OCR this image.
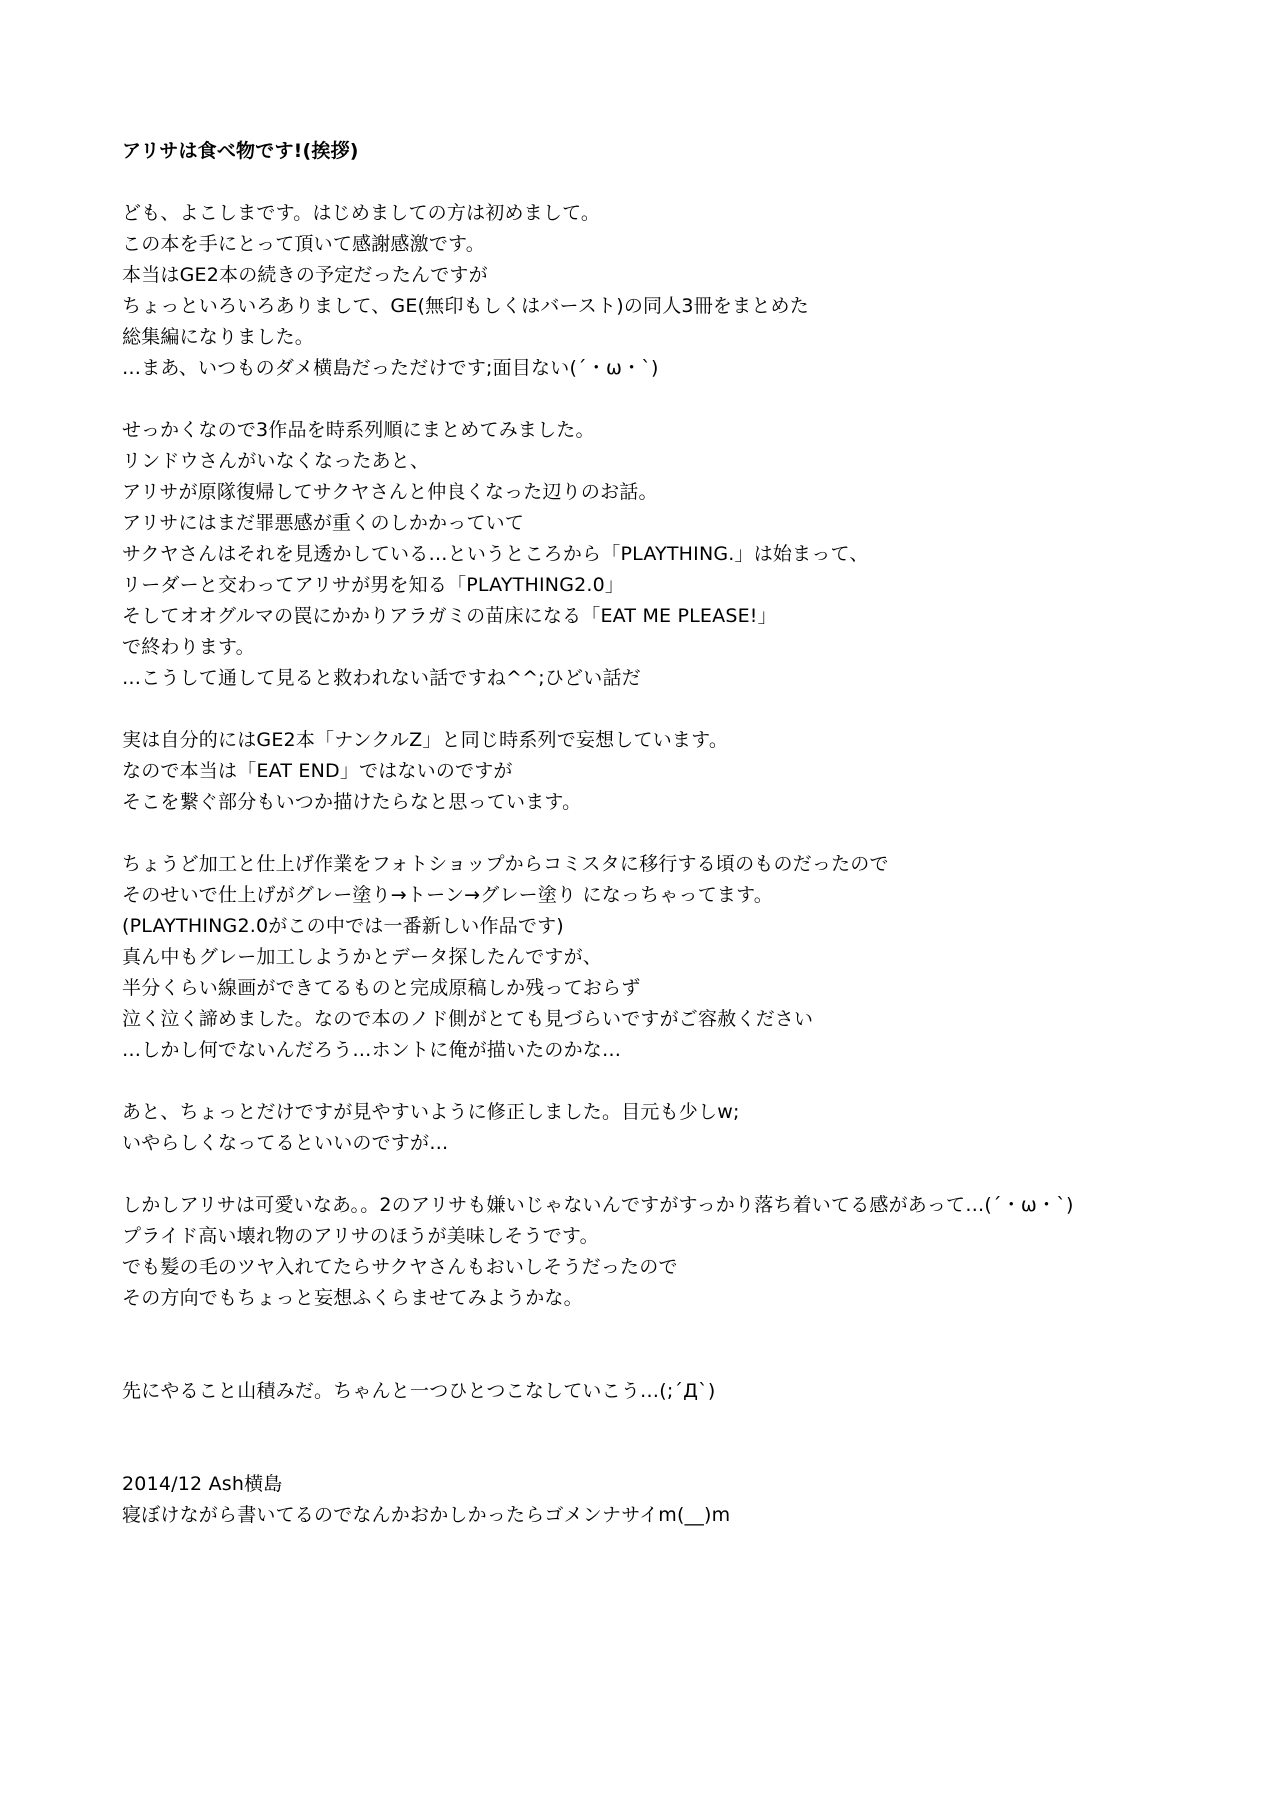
アリサは食べ物です!(挨拶)
ども、よこしまです。はじめましての方は初めまして。
この本を手にとって頂いて感謝感激です。
本当はGE2本の続きの予定だったんですが
ちょっといろいろありまして、GE(無印もしくはバースト)の同人3冊をまとめた
総集編になりました。
…まあ、いつものダメ横島だっただけです;面目ない(´・ω・`)
せっかくなので3作品を時系列順にまとめてみました。
リンドウさんがいなくなったあと、
アリサが原隊復帰してサクヤさんと仲良くなった辺りのお話。
アリサにはまだ罪悪感が重くのしかかっていて
サクヤさんはそれを見透かしている…というところから「PLAYTHING.」は始まって、
リーダーと交わってアリサが男を知る「PLAYTHING2.0」
そしてオオグルマの罠にかかりアラガミの苗床になる「EAT ME PLEASE!」
で終わります。
…こうして通して見ると救われない話ですね^^;ひどい話だ
実は自分的にはGE2本「ナンクルZ」と同じ時系列で妄想しています。
なので本当は「EAT END」ではないのですが
そこを繋ぐ部分もいつか描けたらなと思っています。
ちょうど加工と仕上げ作業をフォトショップからコミスタに移行する頃のものだったので
そのせいで仕上げがグレー塗り→トーン→グレー塗り になっちゃってます。
(PLAYTHING2.0がこの中では一番新しい作品です)
真ん中もグレー加工しようかとデータ探したんですが、
半分くらい線画ができてるものと完成原稿しか残っておらず
泣く泣く諦めました。なので本のノド側がとても見づらいですがご容赦ください
…しかし何でないんだろう…ホントに俺が描いたのかな…
あと、ちょっとだけですが見やすいように修正しました。目元も少しw;
いやらしくなってるといいのですが…
しかしアリサは可愛いなあ。。2のアリサも嫌いじゃないんですがすっかり落ち着いてる感があって…(´・ω・`)
プライド高い壊れ物のアリサのほうが美味しそうです。
でも髪の毛のツヤ入れてたらサクヤさんもおいしそうだったので
その方向でもちょっと妄想ふくらませてみようかな。
先にやること山積みだ。ちゃんと一つひとつこなしていこう…(;´Д`)
2014/12 Ash横島
寝ぼけながら書いてるのでなんかおかしかったらゴメンナサイm(__)m
